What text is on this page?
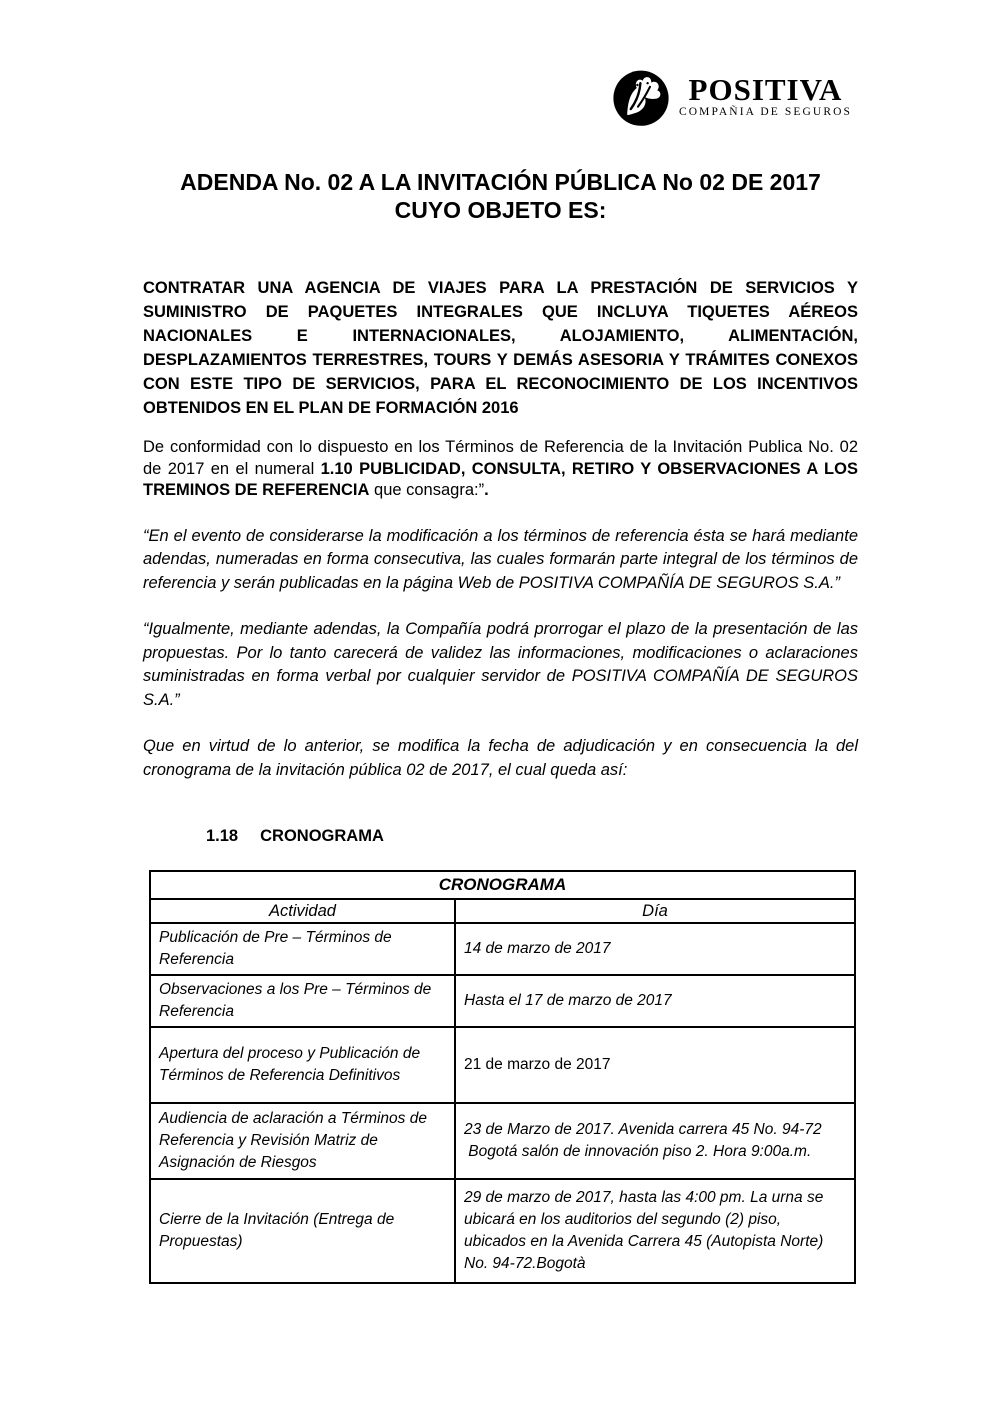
POSITIVA
COMPAÑIA DE SEGUROS
ADENDA No. 02 A LA INVITACIÓN PÚBLICA No 02 DE 2017
CUYO OBJETO ES:

CONTRATAR UNA AGENCIA DE VIAJES PARA LA PRESTACIÓN DE SERVICIOS Y SUMINISTRO DE PAQUETES INTEGRALES QUE INCLUYA TIQUETES AÉREOS NACIONALES E INTERNACIONALES, ALOJAMIENTO, ALIMENTACIÓN, DESPLAZAMIENTOS TERRESTRES, TOURS Y DEMÁS ASESORIA Y TRÁMITES CONEXOS CON ESTE TIPO DE SERVICIOS, PARA EL RECONOCIMIENTO DE LOS INCENTIVOS OBTENIDOS EN EL PLAN DE FORMACIÓN 2016

De conformidad con lo dispuesto en los Términos de Referencia de la Invitación Publica No. 02 de 2017 en el numeral 1.10 PUBLICIDAD, CONSULTA, RETIRO Y OBSERVACIONES A LOS TREMINOS DE REFERENCIA que consagra:”.

“En el evento de considerarse la modificación a los términos de referencia ésta se hará mediante adendas, numeradas en forma consecutiva, las cuales formarán parte integral de los términos de referencia y serán publicadas en la página Web de POSITIVA COMPAÑÍA DE SEGUROS S.A.”

“Igualmente, mediante adendas, la Compañía podrá prorrogar el plazo de la presentación de las propuestas. Por lo tanto carecerá de validez las informaciones, modificaciones o aclaraciones suministradas en forma verbal por cualquier servidor de POSITIVA COMPAÑÍA DE SEGUROS S.A.”

Que en virtud de lo anterior, se modifica la fecha de adjudicación y en consecuencia la del cronograma de la invitación pública 02 de 2017, el cual queda así:

1.18 CRONOGRAMA
CRONOGRAMA	
Actividad	Día
Publicación de Pre – Términos de Referencia	14 de marzo de 2017
Observaciones a los Pre – Términos de Referencia	Hasta el 17 de marzo de 2017
Apertura del proceso y Publicación de Términos de Referencia Definitivos	21 de marzo de 2017
Audiencia de aclaración a Términos de Referencia y Revisión Matriz de Asignación de Riesgos	23 de Marzo de 2017. Avenida carrera 45 No. 94-72  Bogotá salón de innovación piso 2. Hora 9:00a.m.
Cierre de la Invitación (Entrega de Propuestas)	29 de marzo de 2017, hasta las 4:00 pm. La urna se ubicará en los auditorios del segundo (2) piso, ubicados en la Avenida Carrera 45 (Autopista Norte) No. 94-72.Bogotà
